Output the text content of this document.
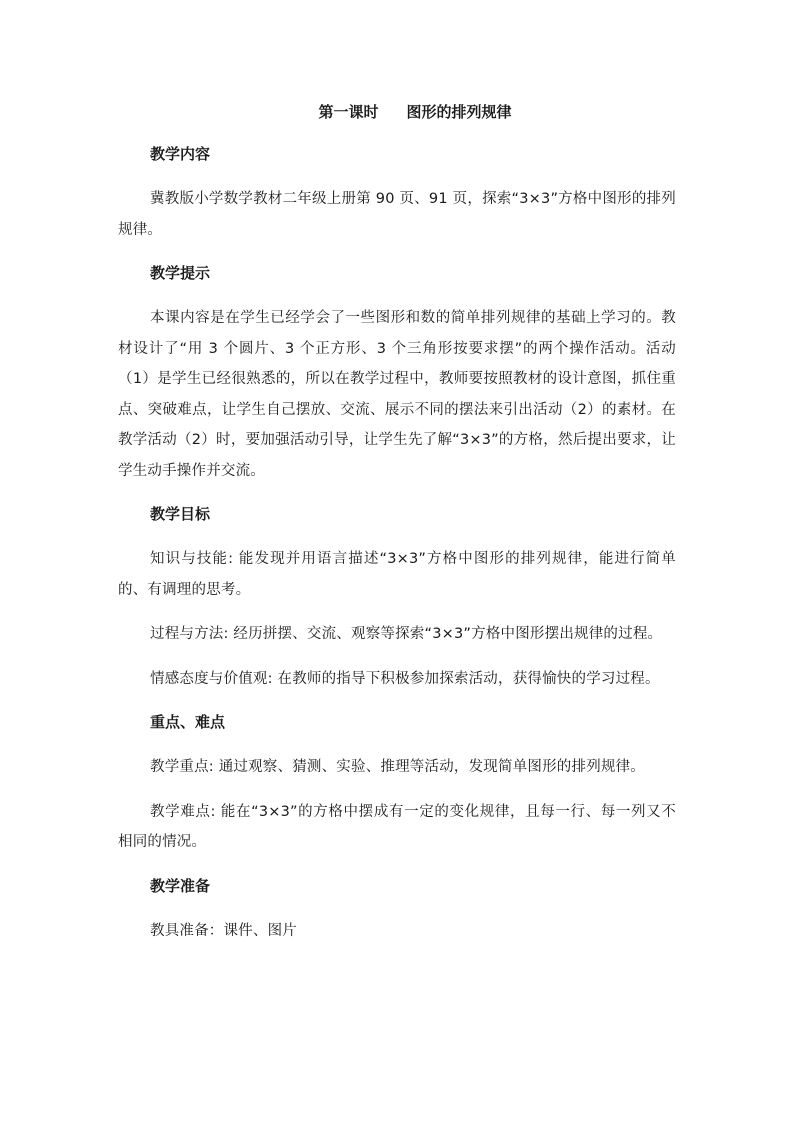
第一课时 图形的排列规律
教学内容

冀教版小学数学教材二年级上册第 90 页、91 页，探索“3×3”方格中图形的排列规律。

教学提示

本课内容是在学生已经学会了一些图形和数的简单排列规律的基础上学习的。教材设计了“用 3 个圆片、3 个正方形、3 个三角形按要求摆”的两个操作活动。活动（1）是学生已经很熟悉的，所以在教学过程中，教师要按照教材的设计意图，抓住重点、突破难点，让学生自己摆放、交流、展示不同的摆法来引出活动（2）的素材。在教学活动（2）时，要加强活动引导，让学生先了解“3×3”的方格，然后提出要求，让学生动手操作并交流。

教学目标

知识与技能: 能发现并用语言描述“3×3”方格中图形的排列规律，能进行简单的、有调理的思考。

过程与方法: 经历拼摆、交流、观察等探索“3×3”方格中图形摆出规律的过程。

情感态度与价值观: 在教师的指导下积极参加探索活动，获得愉快的学习过程。

重点、难点

教学重点: 通过观察、猜测、实验、推理等活动，发现简单图形的排列规律。

教学难点: 能在“3×3”的方格中摆成有一定的变化规律，且每一行、每一列又不相同的情况。

教学准备

教具准备：课件、图片
